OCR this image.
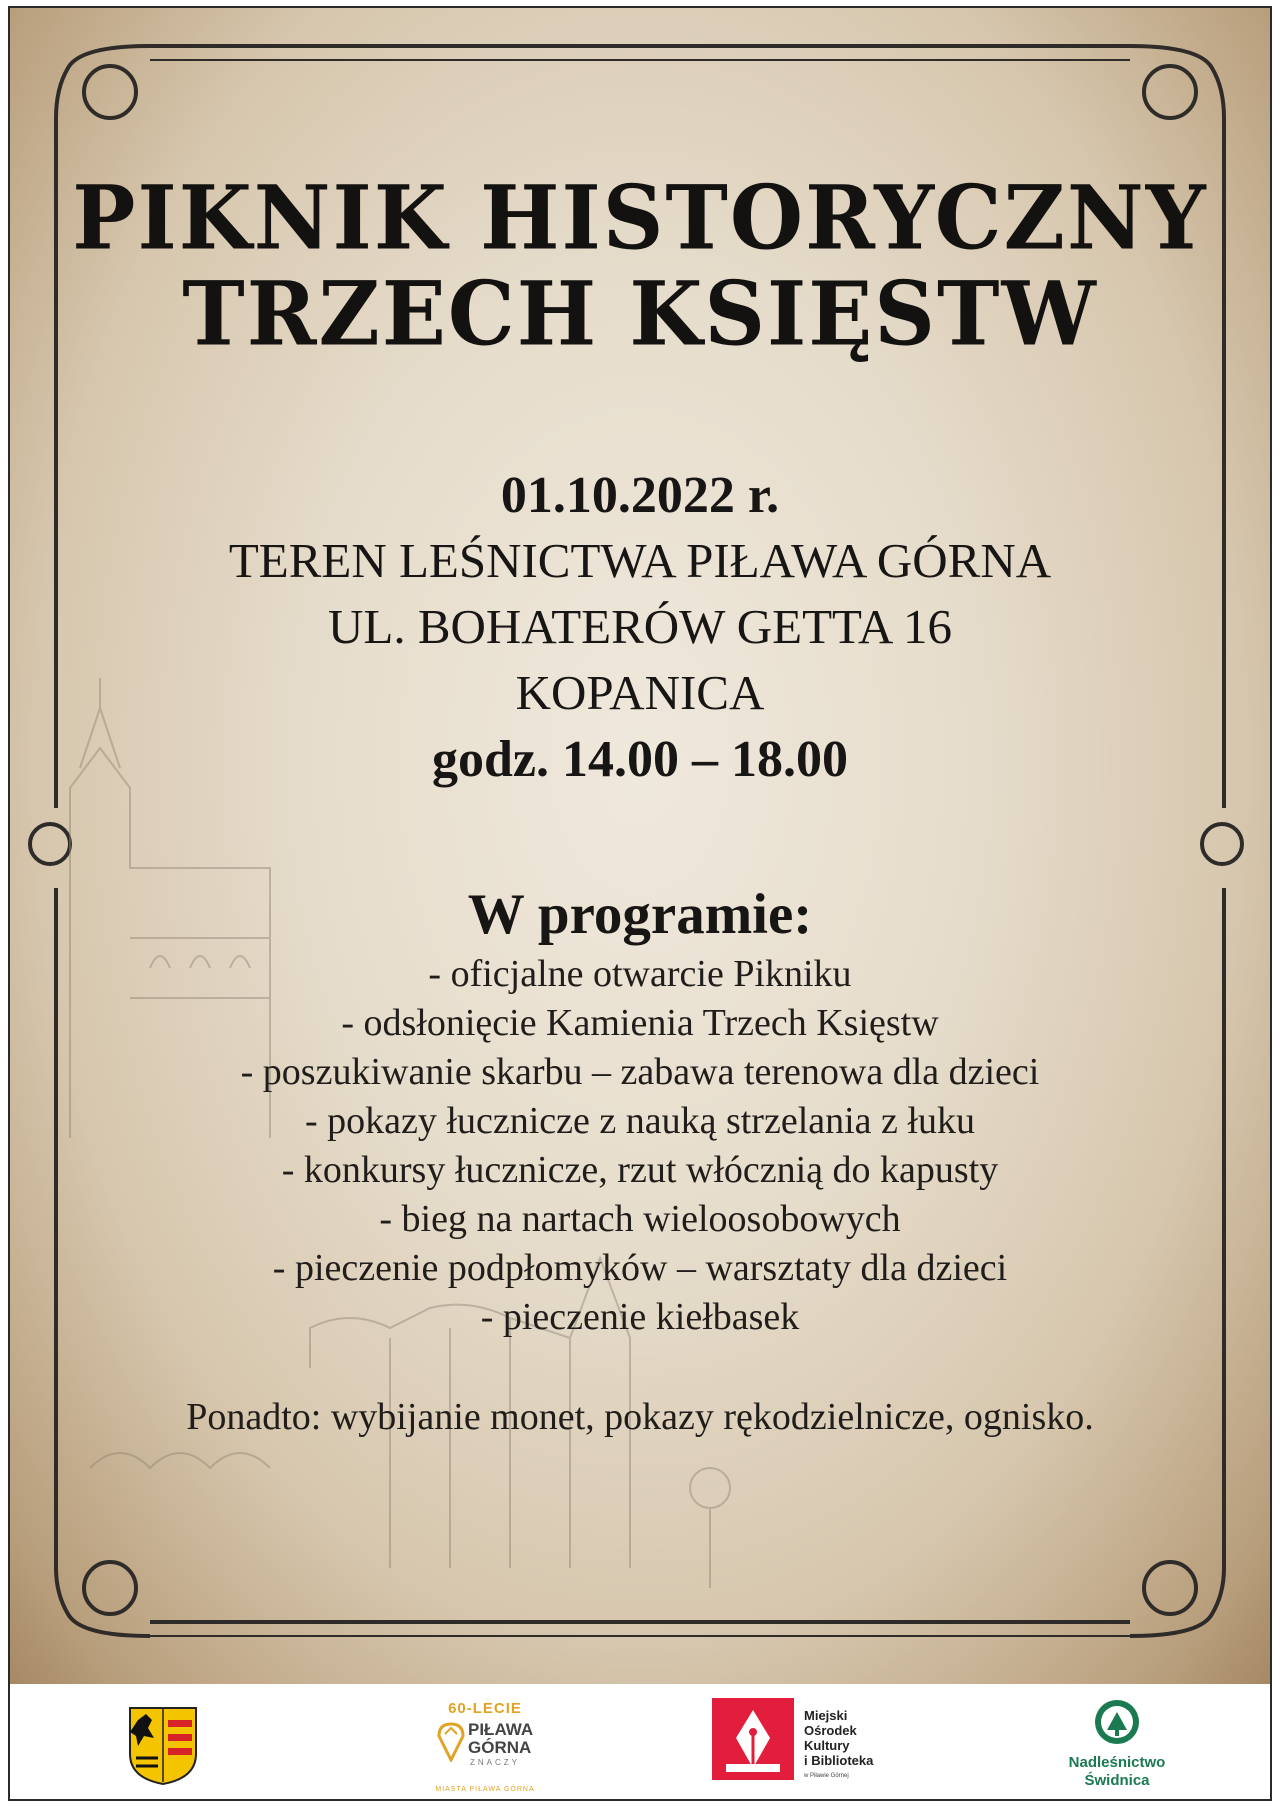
PIKNIK HISTORYCZNY
TRZECH KSIĘSTW
01.10.2022 r.
TEREN LEŚNICTWA PIŁAWA GÓRNA
UL. BOHATERÓW GETTA 16
KOPANICA
godz. 14.00 – 18.00
W programie:
- oficjalne otwarcie Pikniku
- odsłonięcie Kamienia Trzech Księstw
- poszukiwanie skarbu – zabawa terenowa dla dzieci
- pokazy łucznicze z nauką strzelania z łuku
- konkursy łucznicze, rzut włócznią do kapusty
- bieg na nartach wieloosobowych
- pieczenie podpłomyków – warsztaty dla dzieci
- pieczenie kiełbasek
Ponadto: wybijanie monet, pokazy rękodzielnicze, ognisko.
60-LECIE
PIŁAWA
GÓRNA
ZNACZY
MIASTA PIŁAWA GÓRNA
Miejski
Ośrodek
Kultury
i Biblioteka
w Piławie Górnej
Nadleśnictwo
Świdnica
